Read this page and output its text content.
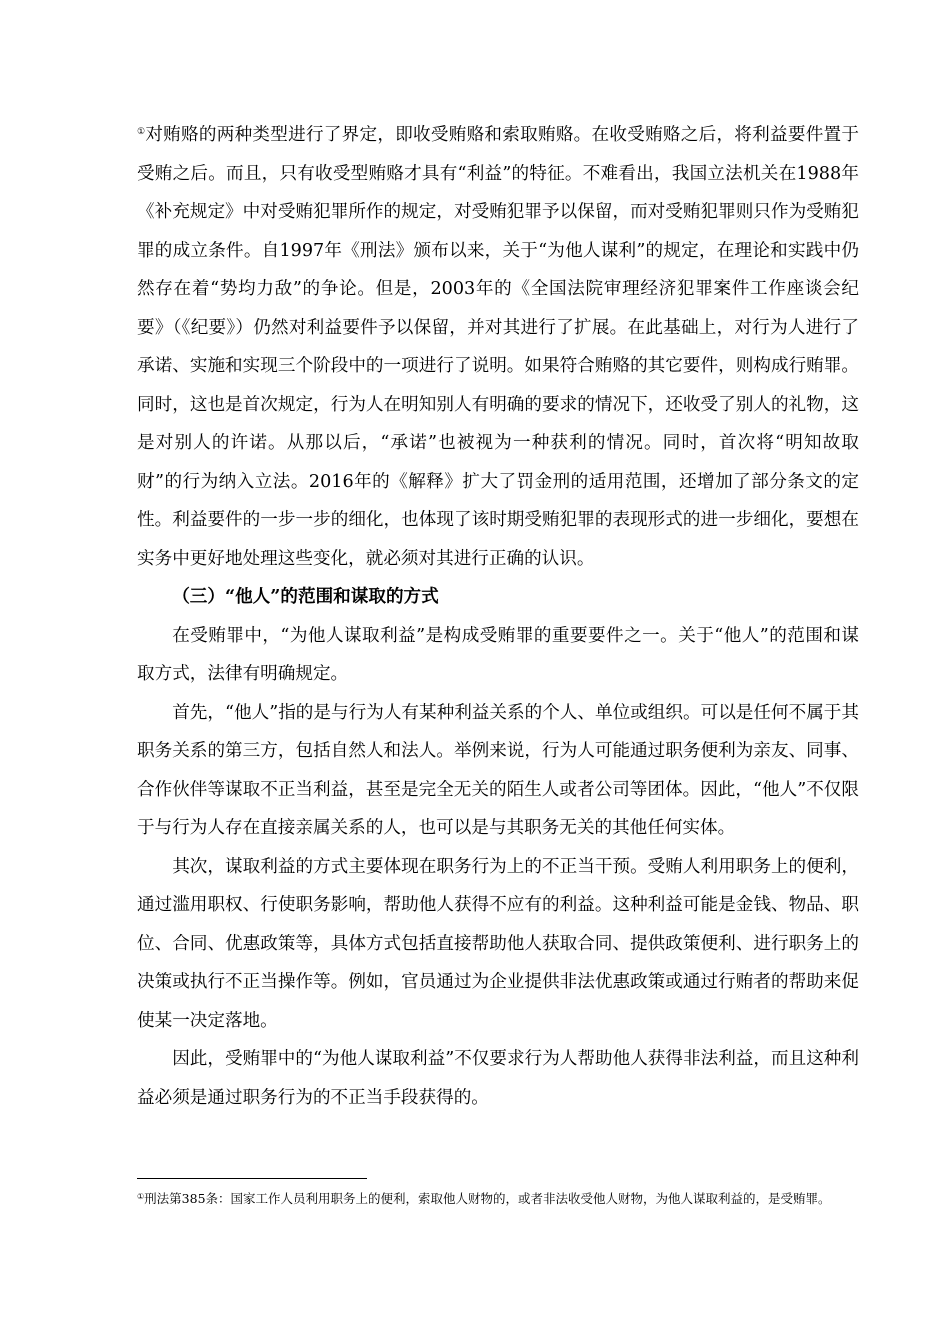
①对贿赂的两种类型进行了界定，即收受贿赂和索取贿赂。在收受贿赂之后，将利益要件置于受贿之后。而且，只有收受型贿赂才具有“利益”的特征。不难看出，我国立法机关在1988年《补充规定》中对受贿犯罪所作的规定，对受贿犯罪予以保留，而对受贿犯罪则只作为受贿犯罪的成立条件。自1997年《刑法》颁布以来，关于“为他人谋利”的规定，在理论和实践中仍然存在着“势均力敌”的争论。但是，2003年的《全国法院审理经济犯罪案件工作座谈会纪要》（《纪要》）仍然对利益要件予以保留，并对其进行了扩展。在此基础上，对行为人进行了承诺、实施和实现三个阶段中的一项进行了说明。如果符合贿赂的其它要件，则构成行贿罪。同时，这也是首次规定，行为人在明知别人有明确的要求的情况下，还收受了别人的礼物，这是对别人的许诺。从那以后，“承诺”也被视为一种获利的情况。同时，首次将“明知故取财”的行为纳入立法。2016年的《解释》扩大了罚金刑的适用范围，还增加了部分条文的定性。利益要件的一步一步的细化，也体现了该时期受贿犯罪的表现形式的进一步细化，要想在实务中更好地处理这些变化，就必须对其进行正确的认识。

（三）“他人”的范围和谋取的方式

在受贿罪中，“为他人谋取利益”是构成受贿罪的重要要件之一。关于“他人”的范围和谋取方式，法律有明确规定。

首先，“他人”指的是与行为人有某种利益关系的个人、单位或组织。可以是任何不属于其职务关系的第三方，包括自然人和法人。举例来说，行为人可能通过职务便利为亲友、同事、合作伙伴等谋取不正当利益，甚至是完全无关的陌生人或者公司等团体。因此，“他人”不仅限于与行为人存在直接亲属关系的人，也可以是与其职务无关的其他任何实体。

其次，谋取利益的方式主要体现在职务行为上的不正当干预。受贿人利用职务上的便利，通过滥用职权、行使职务影响，帮助他人获得不应有的利益。这种利益可能是金钱、物品、职位、合同、优惠政策等，具体方式包括直接帮助他人获取合同、提供政策便利、进行职务上的决策或执行不正当操作等。例如，官员通过为企业提供非法优惠政策或通过行贿者的帮助来促使某一决定落地。

因此，受贿罪中的“为他人谋取利益”不仅要求行为人帮助他人获得非法利益，而且这种利益必须是通过职务行为的不正当手段获得的。

①刑法第385条：国家工作人员利用职务上的便利，索取他人财物的，或者非法收受他人财物，为他人谋取利益的，是受贿罪。
